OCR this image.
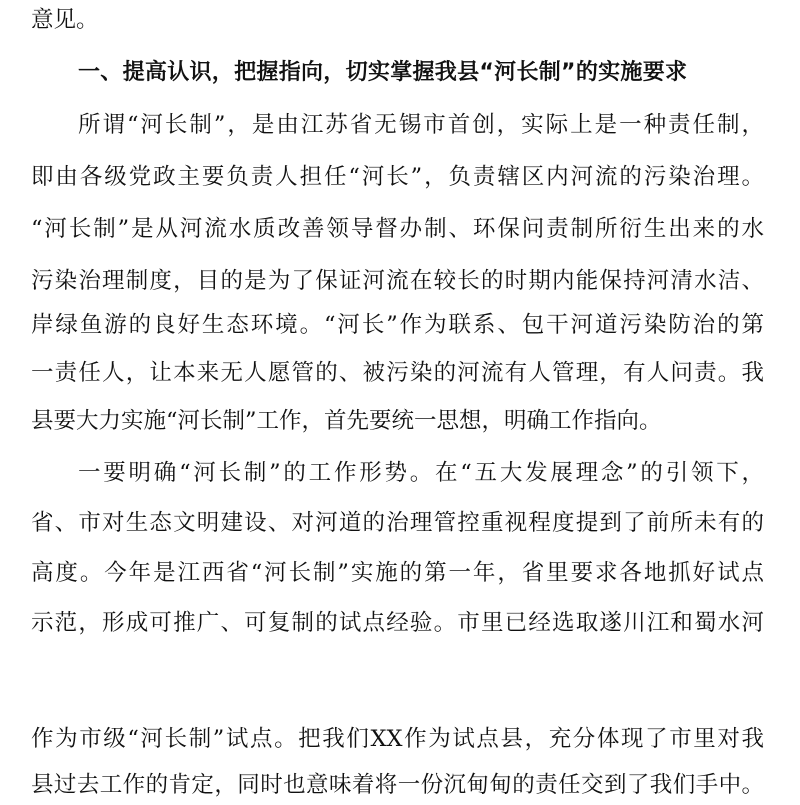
意见。
一、提高认识，把握指向，切实掌握我县“河长制”的实施要求
所谓“河长制”，是由江苏省无锡市首创，实际上是一种责任制，
即由各级党政主要负责人担任“河长”，负责辖区内河流的污染治理。
“河长制”是从河流水质改善领导督办制、环保问责制所衍生出来的水
污染治理制度，目的是为了保证河流在较长的时期内能保持河清水洁、
岸绿鱼游的良好生态环境。“河长”作为联系、包干河道污染防治的第
一责任人，让本来无人愿管的、被污染的河流有人管理，有人问责。我
县要大力实施“河长制”工作，首先要统一思想，明确工作指向。
一要明确“河长制”的工作形势。在“五大发展理念”的引领下，
省、市对生态文明建设、对河道的治理管控重视程度提到了前所未有的
高度。今年是江西省“河长制”实施的第一年，省里要求各地抓好试点
示范，形成可推广、可复制的试点经验。市里已经选取遂川江和蜀水河
作为市级“河长制”试点。把我们XX作为试点县，充分体现了市里对我
县过去工作的肯定，同时也意味着将一份沉甸甸的责任交到了我们手中。
